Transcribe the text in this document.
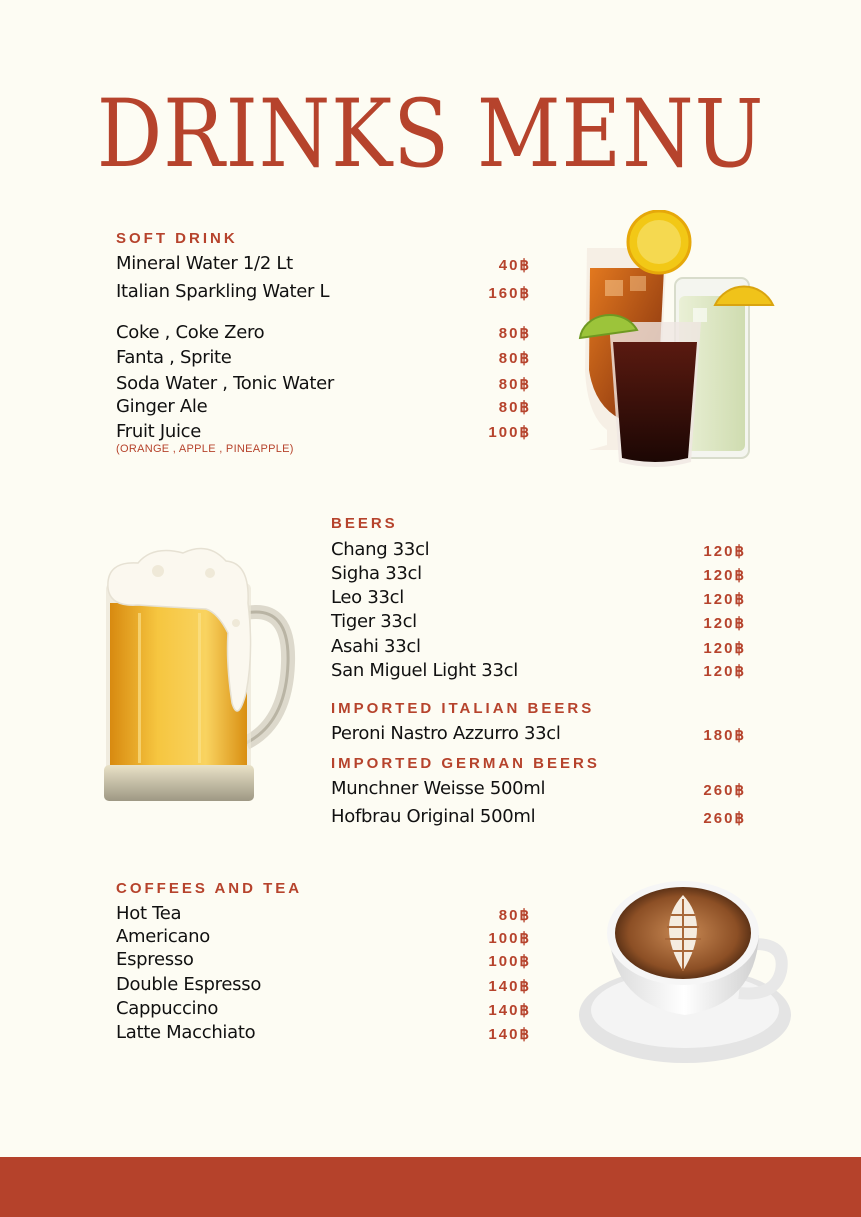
DRINKS MENU
SOFT DRINK
Mineral Water 1/2 Lt	40฿
Italian Sparkling Water L	160฿
Coke , Coke Zero	80฿
Fanta , Sprite	80฿
Soda Water , Tonic Water	80฿
Ginger Ale	80฿
Fruit Juice	100฿
(ORANGE , APPLE , PINEAPPLE)
BEERS
Chang 33cl	120฿
Sigha 33cl	120฿
Leo 33cl	120฿
Tiger 33cl	120฿
Asahi 33cl	120฿
San Miguel Light 33cl	120฿
IMPORTED ITALIAN BEERS
Peroni Nastro Azzurro 33cl	180฿
IMPORTED GERMAN BEERS
Munchner Weisse 500ml	260฿
Hofbrau Original 500ml	260฿
COFFEES AND TEA
Hot Tea	80฿
Americano	100฿
Espresso	100฿
Double Espresso	140฿
Cappuccino	140฿
Latte Macchiato	140฿
